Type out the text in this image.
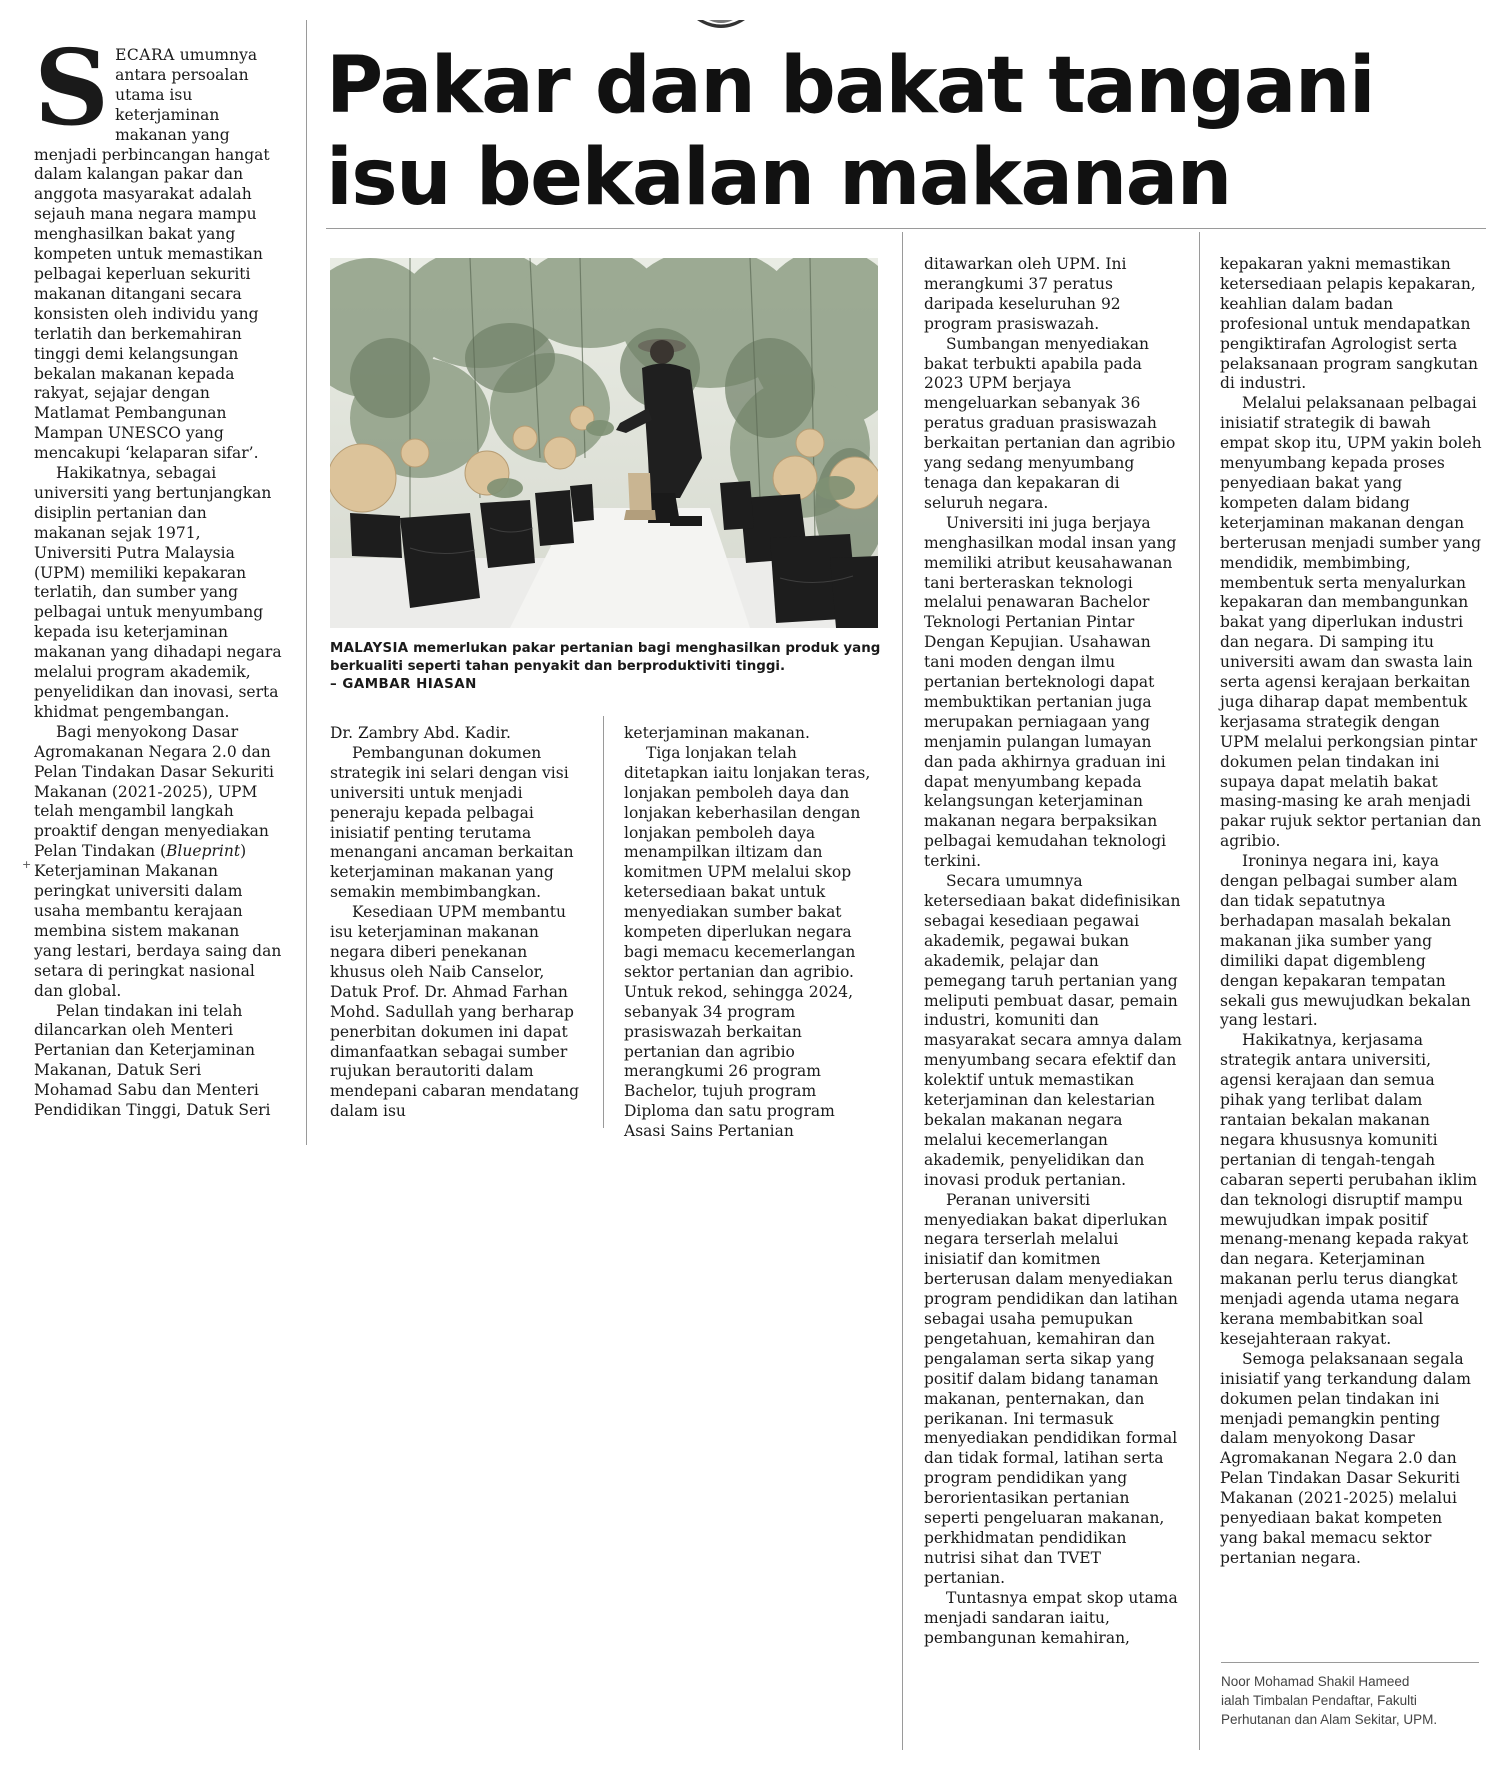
+
Pakar dan bakat tangani
isu bekalan makanan
MALAYSIA memerlukan pakar pertanian bagi menghasilkan produk yang berkualiti seperti tahan penyakit dan berproduktiviti tinggi.
– GAMBAR HIASAN

SECARA umumnya antara persoalan utama isu keterjaminan makanan yang menjadi perbincangan hangat dalam kalangan pakar dan anggota masyarakat adalah sejauh mana negara mampu menghasilkan bakat yang kompeten untuk memastikan pelbagai keperluan sekuriti makanan ditangani secara konsisten oleh individu yang terlatih dan berkemahiran tinggi demi kelangsungan bekalan makanan kepada rakyat, sejajar dengan Matlamat Pembangunan Mampan UNESCO yang mencakupi ‘kelaparan sifar’.

Hakikatnya, sebagai universiti yang bertunjangkan disiplin pertanian dan makanan sejak 1971, Universiti Putra Malaysia (UPM) memiliki kepakaran terlatih, dan sumber yang pelbagai untuk menyumbang kepada isu keterjaminan makanan yang dihadapi negara melalui program akademik, penyelidikan dan inovasi, serta khidmat pengembangan.

Bagi menyokong Dasar Agromakanan Negara 2.0 dan Pelan Tindakan Dasar Sekuriti Makanan (2021-2025), UPM telah mengambil langkah proaktif dengan menyediakan Pelan Tindakan (Blueprint) Keterjaminan Makanan peringkat universiti dalam usaha membantu kerajaan membina sistem makanan yang lestari, berdaya saing dan setara di peringkat nasional dan global.

Pelan tindakan ini telah dilancarkan oleh Menteri Pertanian dan Keterjaminan Makanan, Datuk Seri Mohamad Sabu dan Menteri Pendidikan Tinggi, Datuk Seri

Dr. Zambry Abd. Kadir.

Pembangunan dokumen strategik ini selari dengan visi universiti untuk menjadi peneraju kepada pelbagai inisiatif penting terutama menangani ancaman berkaitan keterjaminan makanan yang semakin membimbangkan.

Kesediaan UPM membantu isu keterjaminan makanan negara diberi penekanan khusus oleh Naib Canselor, Datuk Prof. Dr. Ahmad Farhan Mohd. Sadullah yang berharap penerbitan dokumen ini dapat dimanfaatkan sebagai sumber rujukan berautoriti dalam mendepani cabaran mendatang dalam isu

keterjaminan makanan.

Tiga lonjakan telah ditetapkan iaitu lonjakan teras, lonjakan pemboleh daya dan lonjakan keberhasilan dengan lonjakan pemboleh daya menampilkan iltizam dan komitmen UPM melalui skop ketersediaan bakat untuk menyediakan sumber bakat kompeten diperlukan negara bagi memacu kecemerlangan sektor pertanian dan agribio. Untuk rekod, sehingga 2024, sebanyak 34 program prasiswazah berkaitan pertanian dan agribio merangkumi 26 program Bachelor, tujuh program Diploma dan satu program Asasi Sains Pertanian

ditawarkan oleh UPM. Ini merangkumi 37 peratus daripada keseluruhan 92 program prasiswazah.

Sumbangan menyediakan bakat terbukti apabila pada 2023 UPM berjaya mengeluarkan sebanyak 36 peratus graduan prasiswazah berkaitan pertanian dan agribio yang sedang menyumbang tenaga dan kepakaran di seluruh negara.

Universiti ini juga berjaya menghasilkan modal insan yang memiliki atribut keusahawanan tani berteraskan teknologi melalui penawaran Bachelor Teknologi Pertanian Pintar Dengan Kepujian. Usahawan tani moden dengan ilmu pertanian berteknologi dapat membuktikan pertanian juga merupakan perniagaan yang menjamin pulangan lumayan dan pada akhirnya graduan ini dapat menyumbang kepada kelangsungan keterjaminan makanan negara berpaksikan pelbagai kemudahan teknologi terkini.

Secara umumnya ketersediaan bakat didefinisikan sebagai kesediaan pegawai akademik, pegawai bukan akademik, pelajar dan pemegang taruh pertanian yang meliputi pembuat dasar, pemain industri, komuniti dan masyarakat secara amnya dalam menyumbang secara efektif dan kolektif untuk memastikan keterjaminan dan kelestarian bekalan makanan negara melalui kecemerlangan akademik, penyelidikan dan inovasi produk pertanian.

Peranan universiti menyediakan bakat diperlukan negara terserlah melalui inisiatif dan komitmen berterusan dalam menyediakan program pendidikan dan latihan sebagai usaha pemupukan pengetahuan, kemahiran dan pengalaman serta sikap yang positif dalam bidang tanaman makanan, penternakan, dan perikanan. Ini termasuk menyediakan pendidikan formal dan tidak formal, latihan serta program pendidikan yang berorientasikan pertanian seperti pengeluaran makanan, perkhidmatan pendidikan nutrisi sihat dan TVET pertanian.

Tuntasnya empat skop utama menjadi sandaran iaitu, pembangunan kemahiran,

kepakaran yakni memastikan ketersediaan pelapis kepakaran, keahlian dalam badan profesional untuk mendapatkan pengiktirafan Agrologist serta pelaksanaan program sangkutan di industri.

Melalui pelaksanaan pelbagai inisiatif strategik di bawah empat skop itu, UPM yakin boleh menyumbang kepada proses penyediaan bakat yang kompeten dalam bidang keterjaminan makanan dengan berterusan menjadi sumber yang mendidik, membimbing, membentuk serta menyalurkan kepakaran dan membangunkan bakat yang diperlukan industri dan negara. Di samping itu universiti awam dan swasta lain serta agensi kerajaan berkaitan juga diharap dapat membentuk kerjasama strategik dengan UPM melalui perkongsian pintar dokumen pelan tindakan ini supaya dapat melatih bakat masing-masing ke arah menjadi pakar rujuk sektor pertanian dan agribio.

Ironinya negara ini, kaya dengan pelbagai sumber alam dan tidak sepatutnya berhadapan masalah bekalan makanan jika sumber yang dimiliki dapat digembleng dengan kepakaran tempatan sekali gus mewujudkan bekalan yang lestari.

Hakikatnya, kerjasama strategik antara universiti, agensi kerajaan dan semua pihak yang terlibat dalam rantaian bekalan makanan negara khususnya komuniti pertanian di tengah-tengah cabaran seperti perubahan iklim dan teknologi disruptif mampu mewujudkan impak positif menang-menang kepada rakyat dan negara. Keterjaminan makanan perlu terus diangkat menjadi agenda utama negara kerana membabitkan soal kesejahteraan rakyat.

Semoga pelaksanaan segala inisiatif yang terkandung dalam dokumen pelan tindakan ini menjadi pemangkin penting dalam menyokong Dasar Agromakanan Negara 2.0 dan Pelan Tindakan Dasar Sekuriti Makanan (2021-2025) melalui penyediaan bakat kompeten yang bakal memacu sektor pertanian negara.

Noor Mohamad Shakil Hameed

ialah Timbalan Pendaftar, Fakulti Perhutanan dan Alam Sekitar, UPM.
